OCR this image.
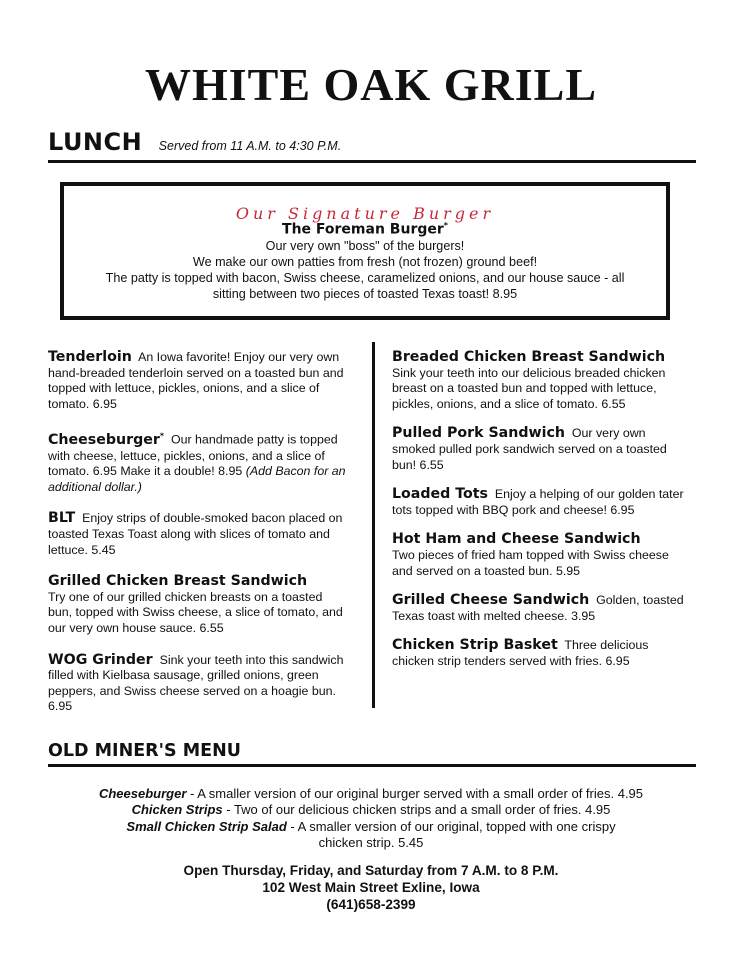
WHITE OAK GRILL
LUNCH Served from 11 A.M. to 4:30 P.M.
Our Signature Burger
The Foreman Burger*
Our very own "boss" of the burgers!
We make our own patties from fresh (not frozen) ground beef!
The patty is topped with bacon, Swiss cheese, caramelized onions, and our house sauce - all
sitting between two pieces of toasted Texas toast! 8.95
Tenderloin An Iowa favorite! Enjoy our very own hand-breaded tenderloin served on a toasted bun and topped with lettuce, pickles, onions, and a slice of tomato. 6.95
Cheeseburger* Our handmade patty is topped with cheese, lettuce, pickles, onions, and a slice of tomato. 6.95 Make it a double! 8.95 (Add Bacon for an additional dollar.)
BLT Enjoy strips of double-smoked bacon placed on toasted Texas Toast along with slices of tomato and lettuce. 5.45
Grilled Chicken Breast Sandwich
Try one of our grilled chicken breasts on a toasted bun, topped with Swiss cheese, a slice of tomato, and our very own house sauce. 6.55
WOG Grinder Sink your teeth into this sandwich filled with Kielbasa sausage, grilled onions, green peppers, and Swiss cheese served on a hoagie bun. 6.95
Breaded Chicken Breast Sandwich
Sink your teeth into our delicious breaded chicken breast on a toasted bun and topped with lettuce, pickles, onions, and a slice of tomato. 6.55
Pulled Pork Sandwich Our very own smoked pulled pork sandwich served on a toasted bun! 6.55
Loaded Tots Enjoy a helping of our golden tater tots topped with BBQ pork and cheese! 6.95
Hot Ham and Cheese Sandwich
Two pieces of fried ham topped with Swiss cheese and served on a toasted bun. 5.95
Grilled Cheese Sandwich Golden, toasted Texas toast with melted cheese. 3.95
Chicken Strip Basket Three delicious chicken strip tenders served with fries. 6.95
OLD MINER'S MENU
Cheeseburger - A smaller version of our original burger served with a small order of fries. 4.95
Chicken Strips - Two of our delicious chicken strips and a small order of fries. 4.95
Small Chicken Strip Salad - A smaller version of our original, topped with one crispy chicken strip. 5.45
Open Thursday, Friday, and Saturday from 7 A.M. to 8 P.M.
102 West Main Street Exline, Iowa
(641)658-2399
